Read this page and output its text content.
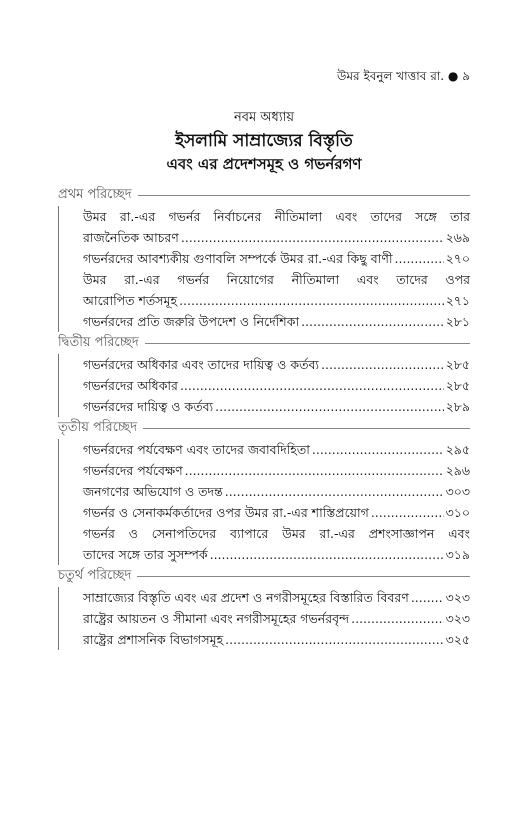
উমর ইবনুল খাত্তাব রা. ● ৯
নবম অধ্যায়
ইসলামি সাম্রাজ্যের বিস্তৃতি
এবং এর প্রদেশসমূহ ও গভর্নরগণ
প্রথম পরিচ্ছেদ
উমর রা.-এর গভর্নর নির্বাচনের নীতিমালা এবং তাদের সঙ্গে তার
রাজনৈতিক আচরণ .....	২৬৯
গভর্নরদের আবশ্যকীয় গুণাবলি সম্পর্কে উমর রা.-এর কিছু বাণী .....	২৭০
উমর রা.-এর গভর্নর নিয়োগের নীতিমালা এবং তাদের ওপর
আরোপিত শর্তসমূহ .....	২৭১
গভর্নরদের প্রতি জরুরি উপদেশ ও নির্দেশিকা .....	২৮১
দ্বিতীয় পরিচ্ছেদ
গভর্নরদের অধিকার এবং তাদের দায়িত্ব ও কর্তব্য .....	২৮৫
গভর্নরদের অধিকার .....	২৮৫
গভর্নরদের দায়িত্ব ও কর্তব্য .....	২৮৯
তৃতীয় পরিচ্ছেদ
গভর্নরদের পর্যবেক্ষণ এবং তাদের জবাবদিহিতা .....	২৯৫
গভর্নরদের পর্যবেক্ষণ .....	২৯৬
জনগণের অভিযোগ ও তদন্ত .....	৩০৩
গভর্নর ও সেনাকর্মকর্তাদের ওপর উমর রা.-এর শাস্তিপ্রয়োগ .....	৩১০
গভর্নর ও সেনাপতিদের ব্যাপারে উমর রা.-এর প্রশংসাজ্ঞাপন এবং
তাদের সঙ্গে তার সুসম্পর্ক .....	৩১৯
চতুর্থ পরিচ্ছেদ
সাম্রাজ্যের বিস্তৃতি এবং এর প্রদেশ ও নগরীসমূহের বিস্তারিত বিবরণ .....	৩২৩
রাষ্ট্রের আয়তন ও সীমানা এবং নগরীসমূহের গভর্নরবৃন্দ .....	৩২৩
রাষ্ট্রের প্রশাসনিক বিভাগসমূহ .....	৩২৫
